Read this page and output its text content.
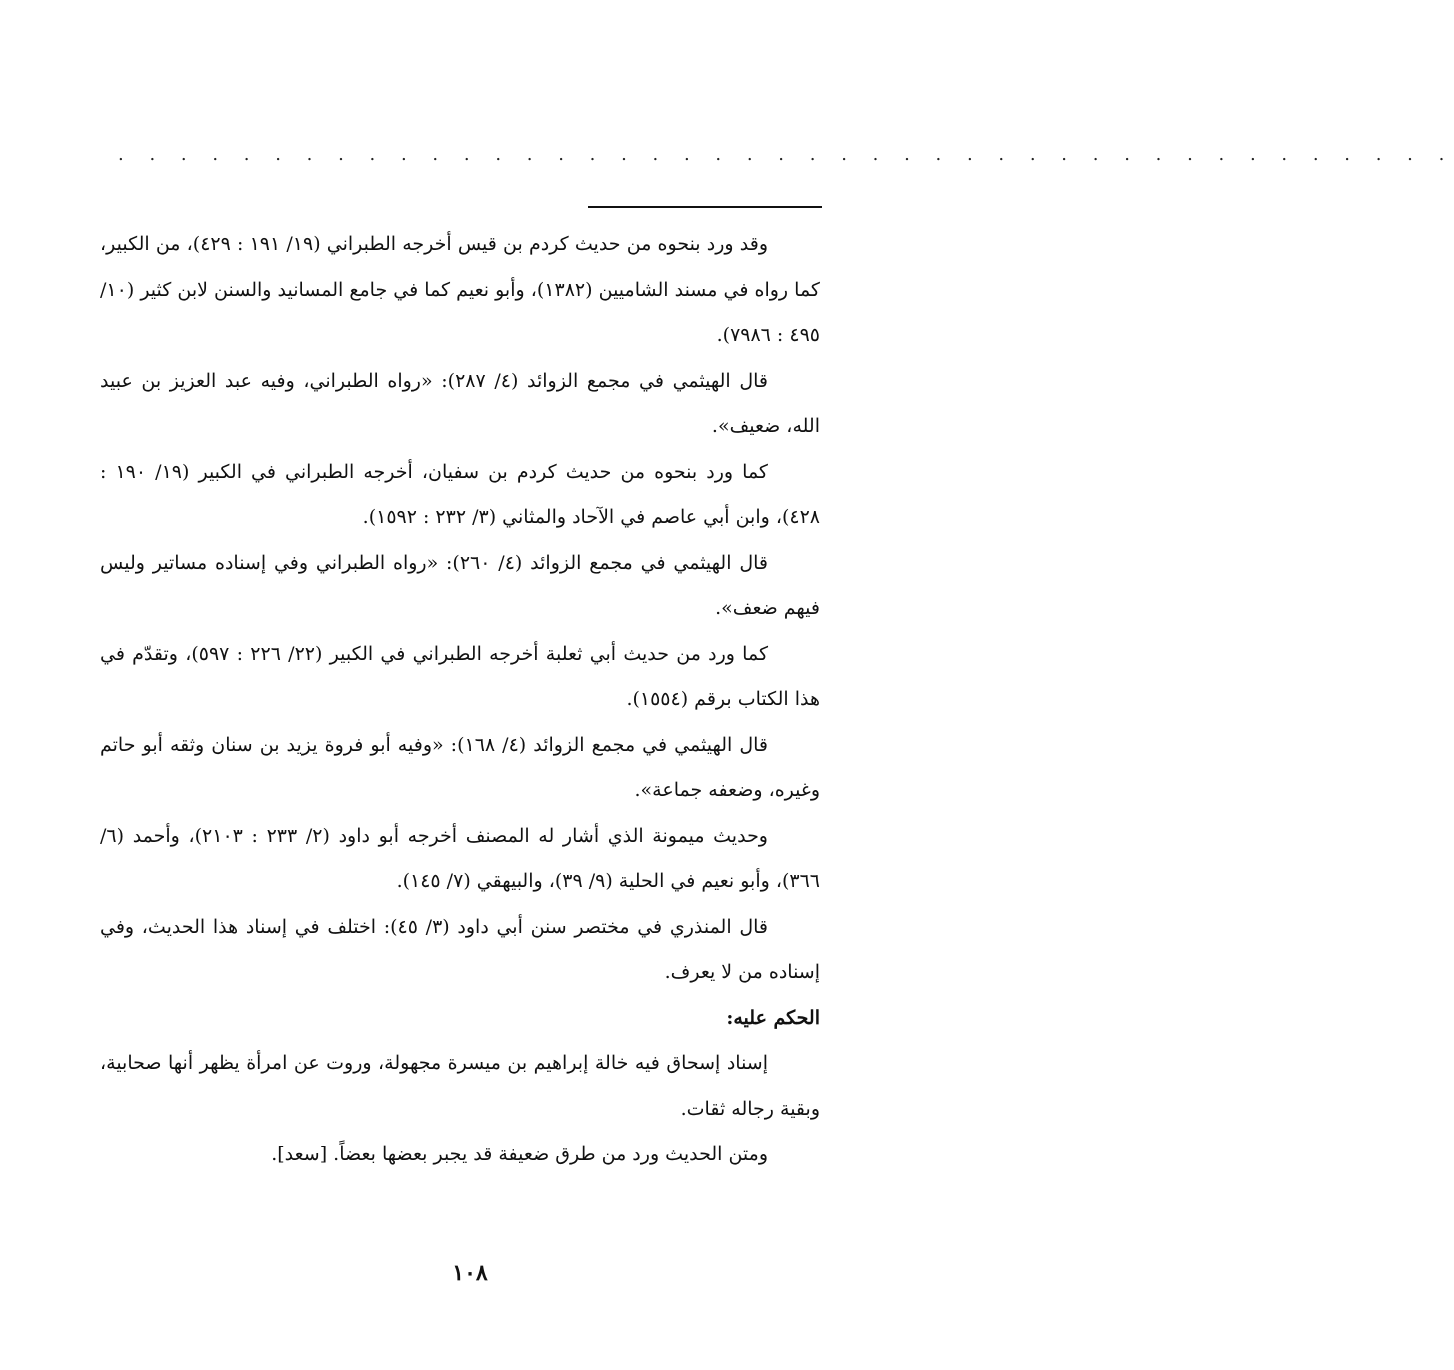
. . . . . . . . . . . . . . . . . . . . . . . . . . . . . . . . . . . . . . . . . . .

وقد ورد بنحوه من حديث كردم بن قيس أخرجه الطبراني (١٩/ ١٩١ : ٤٢٩)، من الكبير، كما رواه في مسند الشاميين (١٣٨٢)، وأبو نعيم كما في جامع المسانيد والسنن لابن كثير (١٠/ ٤٩٥ : ٧٩٨٦).

قال الهيثمي في مجمع الزوائد (٤/ ٢٨٧): «رواه الطبراني، وفيه عبد العزيز بن عبيد الله، ضعيف».

كما ورد بنحوه من حديث كردم بن سفيان، أخرجه الطبراني في الكبير (١٩/ ١٩٠ : ٤٢٨)، وابن أبي عاصم في الآحاد والمثاني (٣/ ٢٣٢ : ١٥٩٢).

قال الهيثمي في مجمع الزوائد (٤/ ٢٦٠): «رواه الطبراني وفي إسناده مساتير وليس فيهم ضعف».

كما ورد من حديث أبي ثعلبة أخرجه الطبراني في الكبير (٢٢/ ٢٢٦ : ٥٩٧)، وتقدّم في هذا الكتاب برقم (١٥٥٤).

قال الهيثمي في مجمع الزوائد (٤/ ١٦٨): «وفيه أبو فروة يزيد بن سنان وثقه أبو حاتم وغيره، وضعفه جماعة».

وحديث ميمونة الذي أشار له المصنف أخرجه أبو داود (٢/ ٢٣٣ : ٢١٠٣)، وأحمد (٦/ ٣٦٦)، وأبو نعيم في الحلية (٩/ ٣٩)، والبيهقي (٧/ ١٤٥).

قال المنذري في مختصر سنن أبي داود (٣/ ٤٥): اختلف في إسناد هذا الحديث، وفي إسناده من لا يعرف.

الحكم عليه:

إسناد إسحاق فيه خالة إبراهيم بن ميسرة مجهولة، وروت عن امرأة يظهر أنها صحابية، وبقية رجاله ثقات.

ومتن الحديث ورد من طرق ضعيفة قد يجبر بعضها بعضاً. [سعد].

١٠٨
